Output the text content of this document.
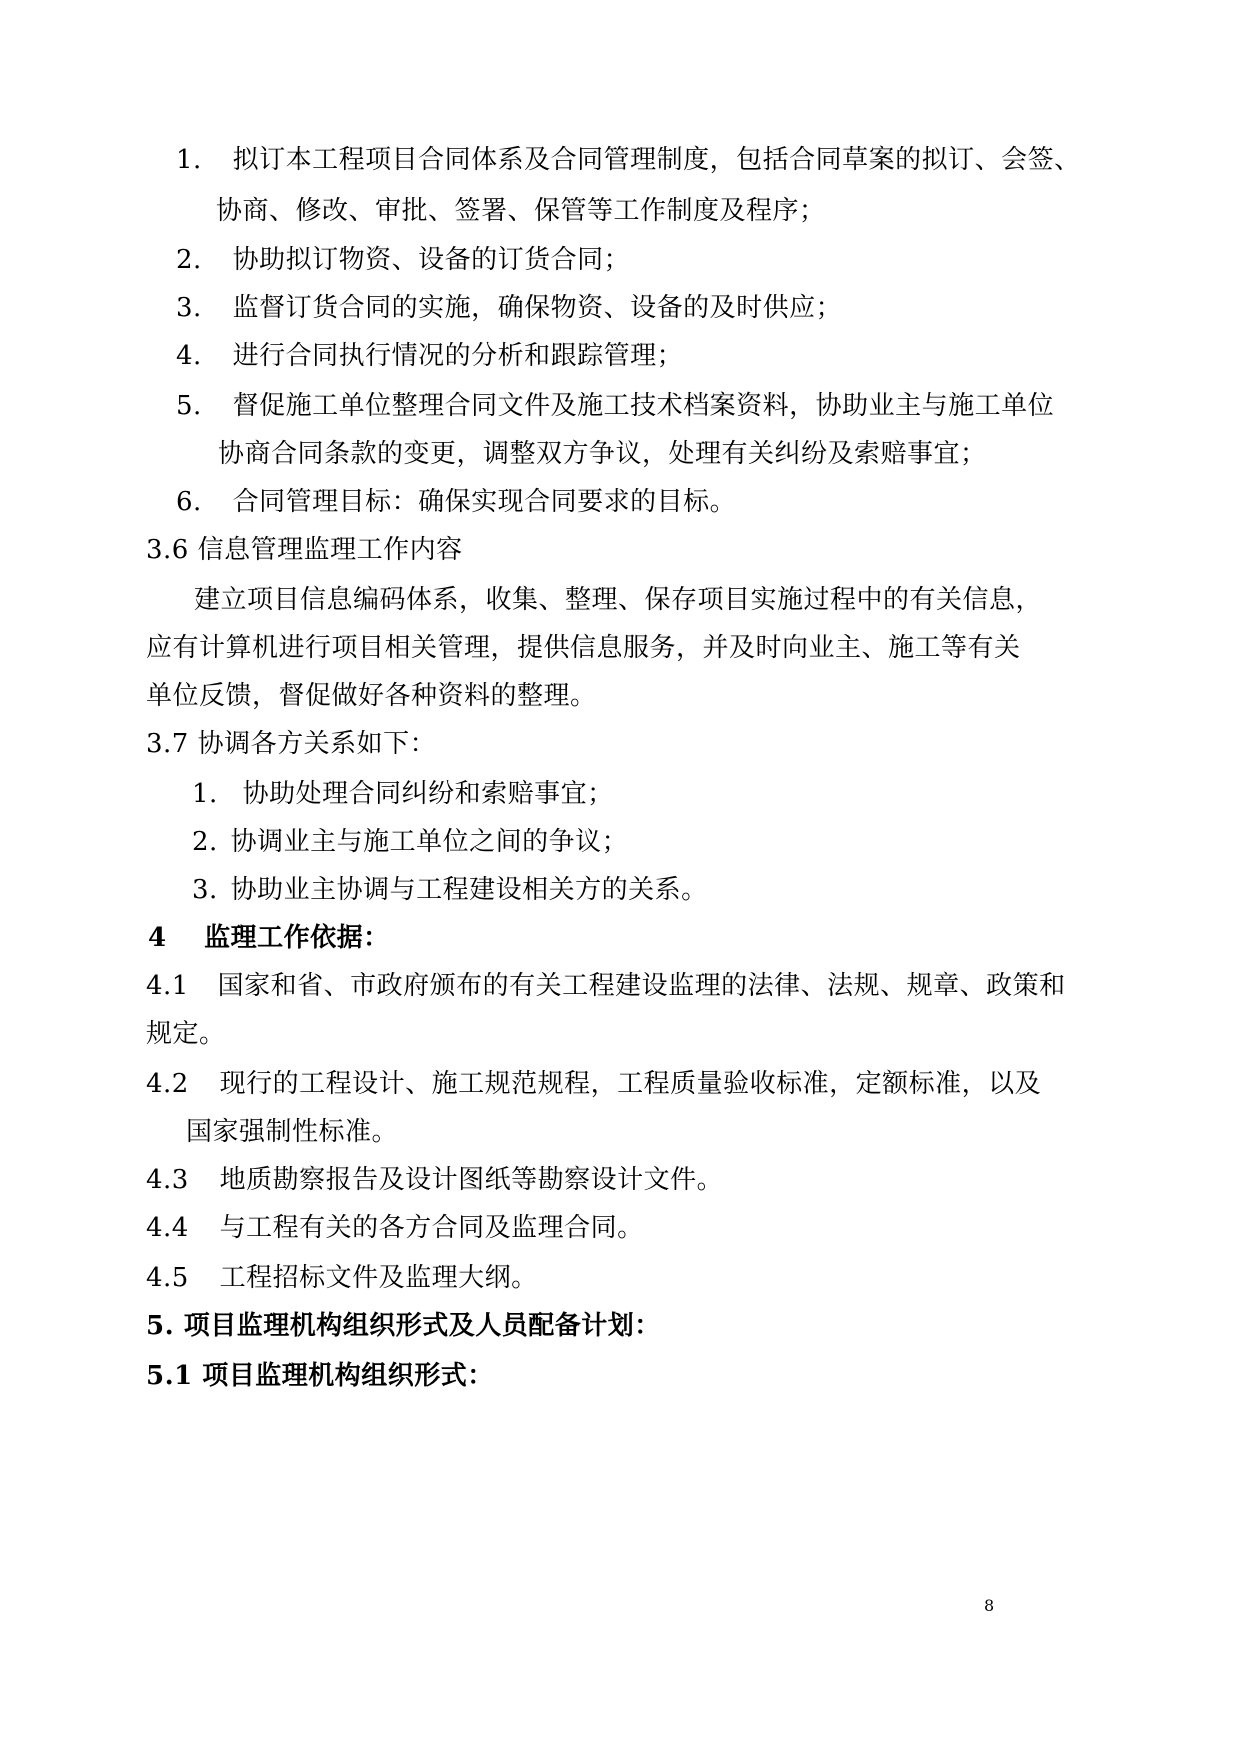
1. 拟订本工程项目合同体系及合同管理制度，包括合同草案的拟订、会签、
协商、修改、审批、签署、保管等工作制度及程序；
2. 协助拟订物资、设备的订货合同；
3. 监督订货合同的实施，确保物资、设备的及时供应；
4. 进行合同执行情况的分析和跟踪管理；
5. 督促施工单位整理合同文件及施工技术档案资料，协助业主与施工单位
协商合同条款的变更，调整双方争议，处理有关纠纷及索赔事宜；
6. 合同管理目标：确保实现合同要求的目标。
3.6 信息管理监理工作内容
建立项目信息编码体系，收集、整理、保存项目实施过程中的有关信息，
应有计算机进行项目相关管理，提供信息服务，并及时向业主、施工等有关
单位反馈，督促做好各种资料的整理。
3.7 协调各方关系如下：
1. 协助处理合同纠纷和索赔事宜；
2. 协调业主与施工单位之间的争议；
3. 协助业主协调与工程建设相关方的关系。
4 监理工作依据：
4.1 国家和省、市政府颁布的有关工程建设监理的法律、法规、规章、政策和
规定。
4.2 现行的工程设计、施工规范规程，工程质量验收标准，定额标准，以及
国家强制性标准。
4.3 地质勘察报告及设计图纸等勘察设计文件。
4.4 与工程有关的各方合同及监理合同。
4.5 工程招标文件及监理大纲。
5. 项目监理机构组织形式及人员配备计划：
5.1 项目监理机构组织形式：
8
